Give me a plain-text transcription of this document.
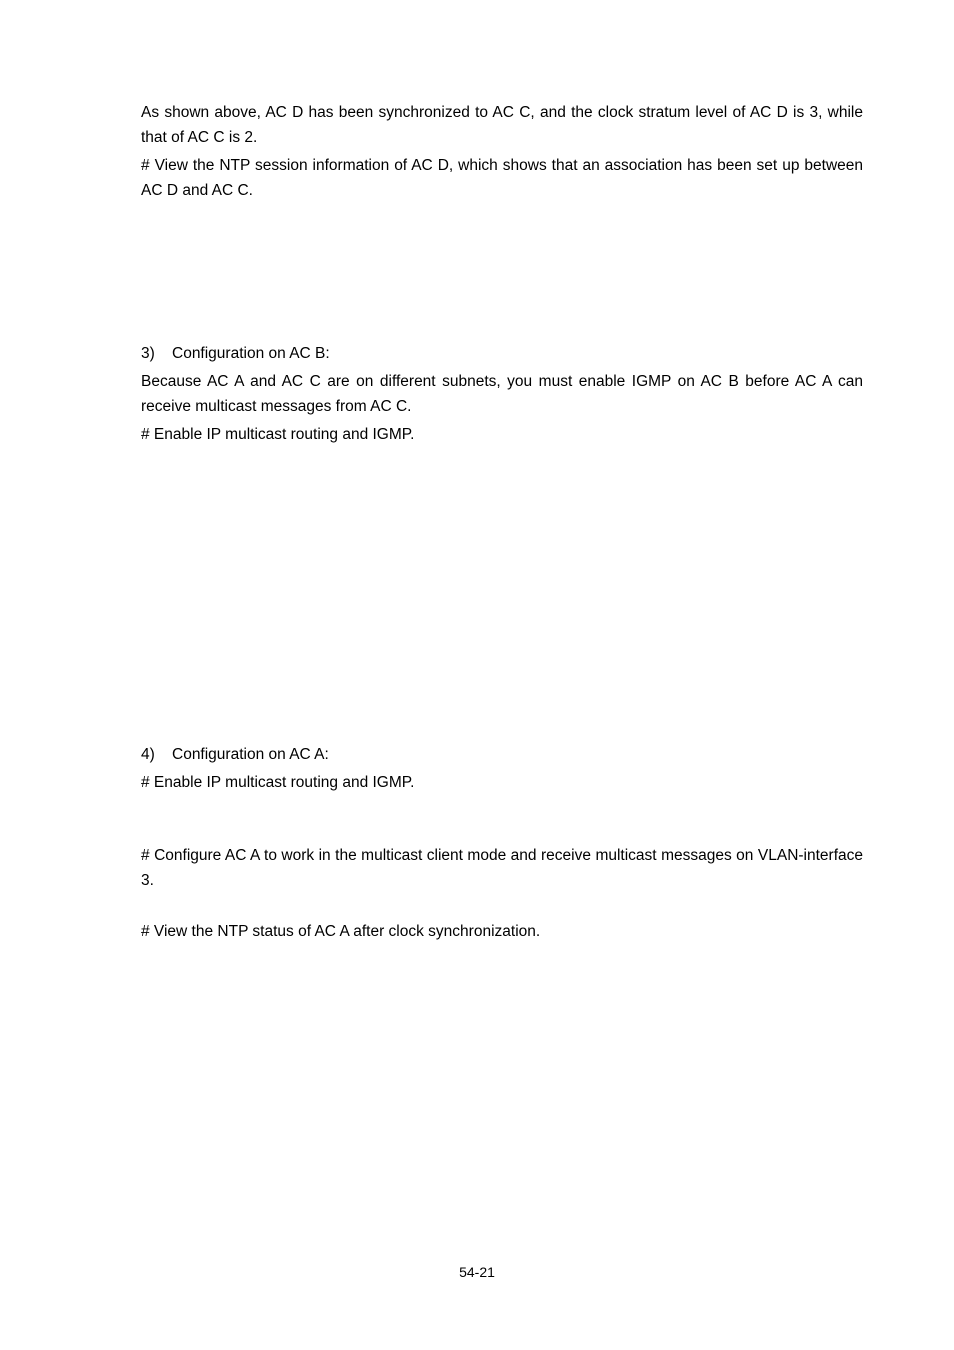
As shown above, AC D has been synchronized to AC C, and the clock stratum level of AC D is 3, while that of AC C is 2.

# View the NTP session information of AC D, which shows that an association has been set up between AC D and AC C.

3) Configuration on AC B:

Because AC A and AC C are on different subnets, you must enable IGMP on AC B before AC A can receive multicast messages from AC C.

# Enable IP multicast routing and IGMP.

4) Configuration on AC A:

# Enable IP multicast routing and IGMP.

# Configure AC A to work in the multicast client mode and receive multicast messages on VLAN-interface 3.

# View the NTP status of AC A after clock synchronization.

54-21
